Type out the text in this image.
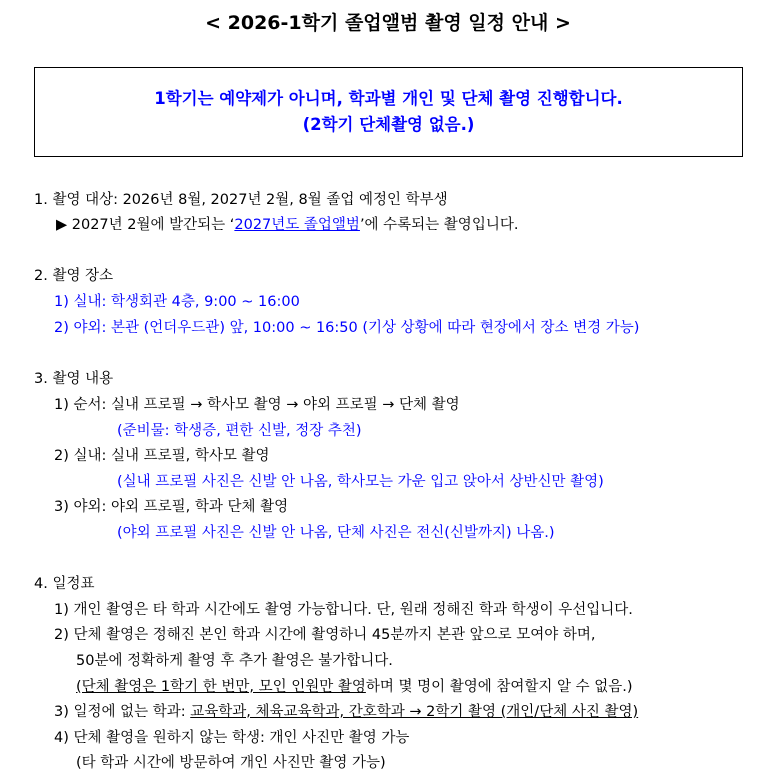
< 2026-1학기 졸업앨범 촬영 일정 안내 >
1학기는 예약제가 아니며, 학과별 개인 및 단체 촬영 진행합니다.
(2학기 단체촬영 없음.)
1. 촬영 대상: 2026년 8월, 2027년 2월, 8월 졸업 예정인 학부생
▶ 2027년 2월에 발간되는 ‘2027년도 졸업앨범’에 수록되는 촬영입니다.
2. 촬영 장소
1) 실내: 학생회관 4층, 9:00 ~ 16:00
2) 야외: 본관 (언더우드관) 앞, 10:00 ~ 16:50 (기상 상황에 따라 현장에서 장소 변경 가능)
3. 촬영 내용
1) 순서: 실내 프로필 → 학사모 촬영 → 야외 프로필 → 단체 촬영
(준비물: 학생증, 편한 신발, 정장 추천)
2) 실내: 실내 프로필, 학사모 촬영
(실내 프로필 사진은 신발 안 나옴, 학사모는 가운 입고 앉아서 상반신만 촬영)
3) 야외: 야외 프로필, 학과 단체 촬영
(야외 프로필 사진은 신발 안 나옴, 단체 사진은 전신(신발까지) 나옴.)
4. 일정표
1) 개인 촬영은 타 학과 시간에도 촬영 가능합니다. 단, 원래 정해진 학과 학생이 우선입니다.
2) 단체 촬영은 정해진 본인 학과 시간에 촬영하니 45분까지 본관 앞으로 모여야 하며,
50분에 정확하게 촬영 후 추가 촬영은 불가합니다.
(단체 촬영은 1학기 한 번만, 모인 인원만 촬영하며 몇 명이 촬영에 참여할지 알 수 없음.)
3) 일정에 없는 학과: 교육학과, 체육교육학과, 간호학과 → 2학기 촬영 (개인/단체 사진 촬영)
4) 단체 촬영을 원하지 않는 학생: 개인 사진만 촬영 가능
(타 학과 시간에 방문하여 개인 사진만 촬영 가능)
